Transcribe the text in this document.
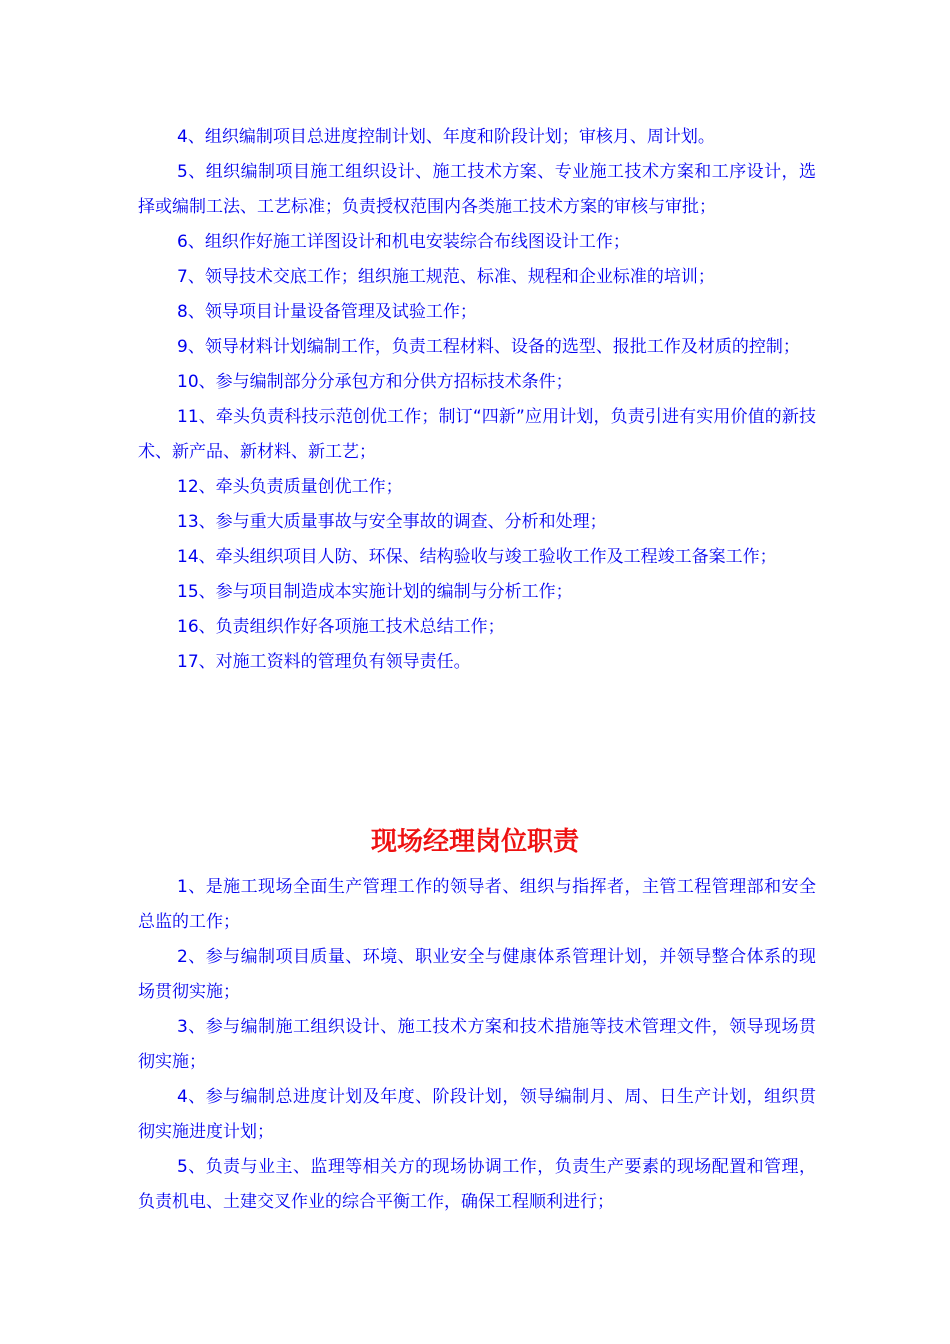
4、组织编制项目总进度控制计划、年度和阶段计划；审核月、周计划。

5、组织编制项目施工组织设计、施工技术方案、专业施工技术方案和工序设计，选择或编制工法、工艺标准；负责授权范围内各类施工技术方案的审核与审批；

6、组织作好施工详图设计和机电安装综合布线图设计工作；

7、领导技术交底工作；组织施工规范、标准、规程和企业标准的培训；

8、领导项目计量设备管理及试验工作；

9、领导材料计划编制工作，负责工程材料、设备的选型、报批工作及材质的控制；

10、参与编制部分分承包方和分供方招标技术条件；

11、牵头负责科技示范创优工作；制订“四新”应用计划，负责引进有实用价值的新技术、新产品、新材料、新工艺；

12、牵头负责质量创优工作；

13、参与重大质量事故与安全事故的调查、分析和处理；

14、牵头组织项目人防、环保、结构验收与竣工验收工作及工程竣工备案工作；

15、参与项目制造成本实施计划的编制与分析工作；

16、负责组织作好各项施工技术总结工作；

17、对施工资料的管理负有领导责任。

现场经理岗位职责

1、是施工现场全面生产管理工作的领导者、组织与指挥者，主管工程管理部和安全总监的工作；

2、参与编制项目质量、环境、职业安全与健康体系管理计划，并领导整合体系的现场贯彻实施；

3、参与编制施工组织设计、施工技术方案和技术措施等技术管理文件，领导现场贯彻实施；

4、参与编制总进度计划及年度、阶段计划，领导编制月、周、日生产计划，组织贯彻实施进度计划；

5、负责与业主、监理等相关方的现场协调工作，负责生产要素的现场配置和管理，负责机电、土建交叉作业的综合平衡工作，确保工程顺利进行；
